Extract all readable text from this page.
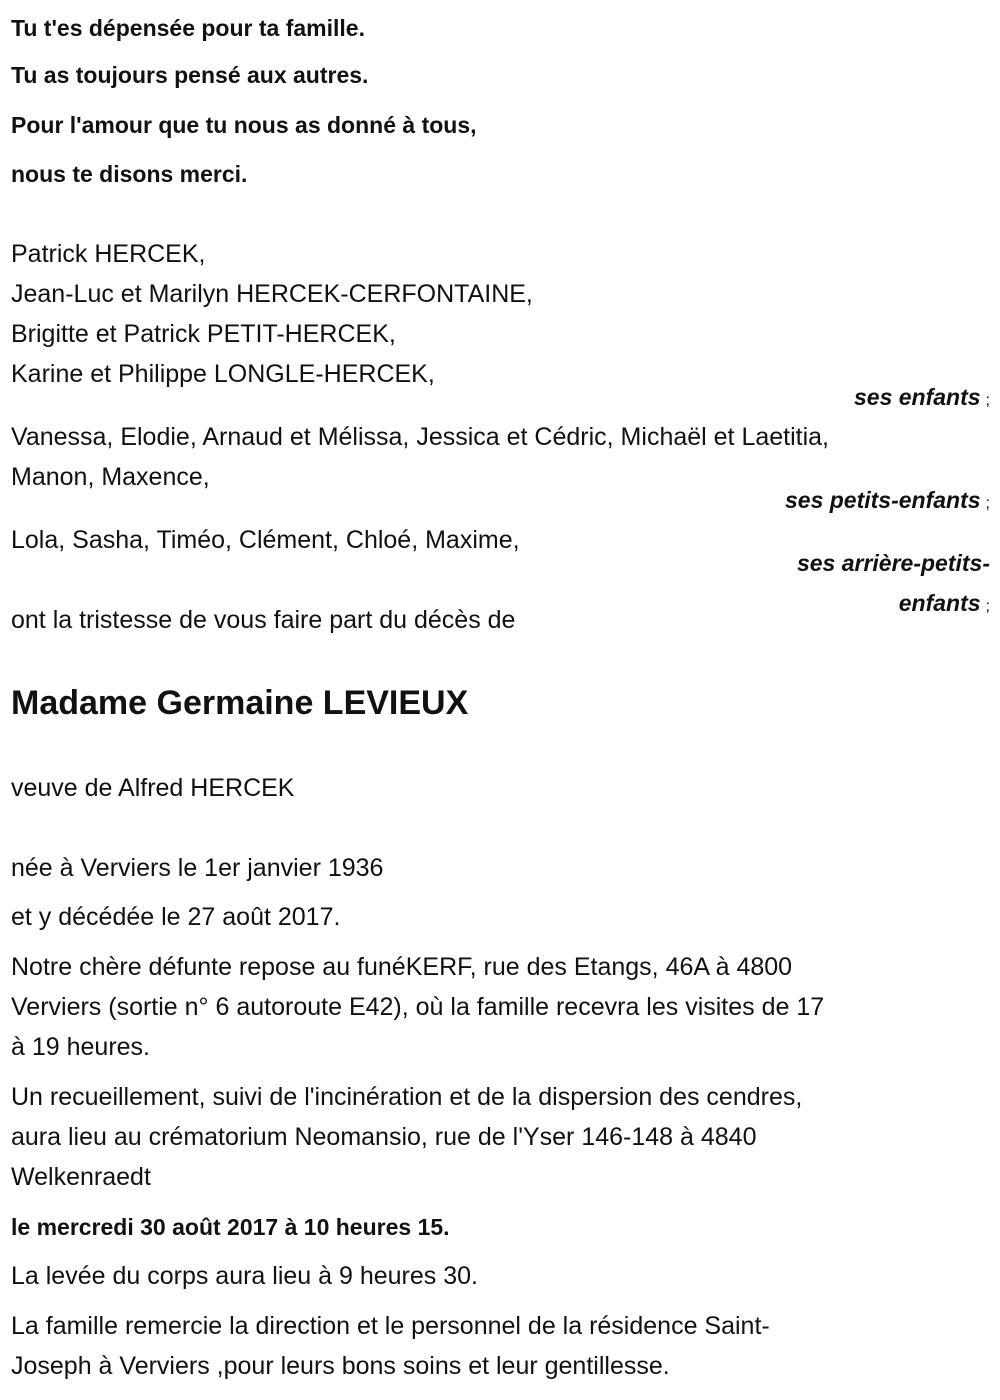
Tu t'es dépensée pour ta famille.
Tu as toujours pensé aux autres.
Pour l'amour que tu nous as donné à tous,
nous te disons merci.
Patrick HERCEK,
Jean-Luc et Marilyn HERCEK-CERFONTAINE,
Brigitte et Patrick PETIT-HERCEK,
Karine et Philippe LONGLE-HERCEK,
ses enfants ;
Vanessa, Elodie, Arnaud et Mélissa, Jessica et Cédric, Michaël et Laetitia,
Manon, Maxence,
ses petits-enfants ;
Lola, Sasha, Timéo, Clément, Chloé, Maxime,
ses arrière-petits-
enfants ;
ont la tristesse de vous faire part du décès de
Madame Germaine LEVIEUX
veuve de Alfred HERCEK
née à Verviers le 1er janvier 1936
et y décédée le 27 août 2017.
Notre chère défunte repose au funéKERF, rue des Etangs, 46A à 4800
Verviers (sortie n° 6 autoroute E42), où la famille recevra les visites de 17
à 19 heures.
Un recueillement, suivi de l'incinération et de la dispersion des cendres,
aura lieu au crématorium Neomansio, rue de l'Yser 146-148 à 4840
Welkenraedt
le mercredi 30 août 2017 à 10 heures 15.
La levée du corps aura lieu à 9 heures 30.
La famille remercie la direction et le personnel de la résidence Saint-
Joseph à Verviers ,pour leurs bons soins et leur gentillesse.
